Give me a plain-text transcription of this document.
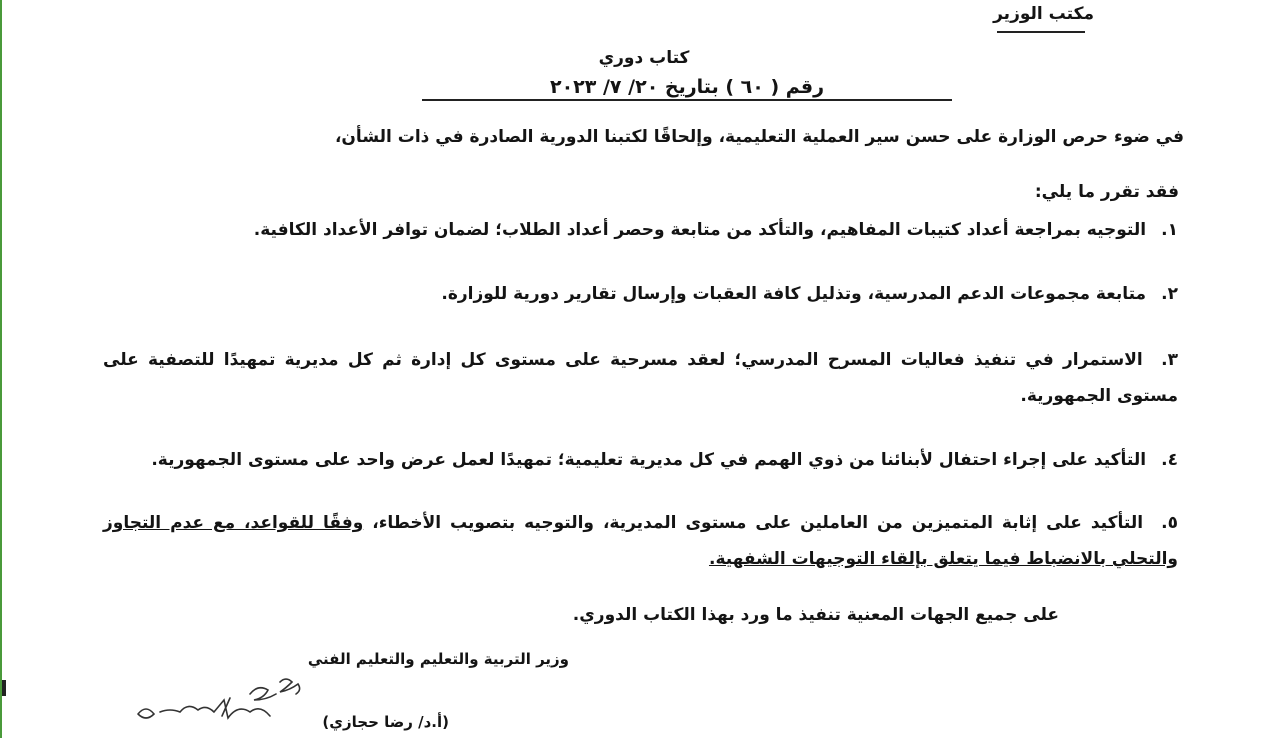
مكتب الوزير
كتاب دوري
رقم ( ٦٠ ) بتاريخ ٢٠/ ٧/ ٢٠٢٣
في ضوء حرص الوزارة على حسن سير العملية التعليمية، وإلحاقًا لكتبنا الدورية الصادرة في ذات الشأن،
فقد تقرر ما يلي:
١. التوجيه بمراجعة أعداد كتيبات المفاهيم، والتأكد من متابعة وحصر أعداد الطلاب؛ لضمان توافر الأعداد الكافية.
٢. متابعة مجموعات الدعم المدرسية، وتذليل كافة العقبات وإرسال تقارير دورية للوزارة.
٣. الاستمرار في تنفيذ فعاليات المسرح المدرسي؛ لعقد مسرحية على مستوى كل إدارة ثم كل مديرية تمهيدًا للتصفية على مستوى الجمهورية.
٤. التأكيد على إجراء احتفال لأبنائنا من ذوي الهمم في كل مديرية تعليمية؛ تمهيدًا لعمل عرض واحد على مستوى الجمهورية.
٥. التأكيد على إثابة المتميزين من العاملين على مستوى المديرية، والتوجيه بتصويب الأخطاء، وفقًا للقواعد، مع عدم التجاوز والتحلي بالانضباط فيما يتعلق بإلقاء التوجيهات الشفهية.
على جميع الجهات المعنية تنفيذ ما ورد بهذا الكتاب الدوري.
وزير التربية والتعليم والتعليم الفني
(أ.د/ رضا حجازي)
